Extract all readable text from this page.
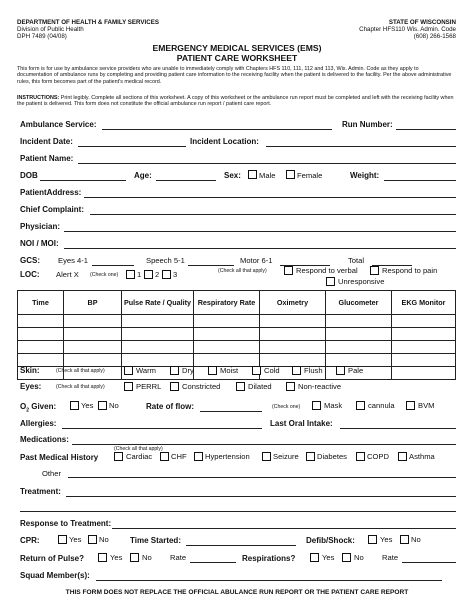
DEPARTMENT OF HEALTH & FAMILY SERVICES
Division of Public Health
DPH 7489 (04/08)
STATE OF WISCONSIN
Chapter HFS110 Wis. Admin. Code
(608) 266-1568
EMERGENCY MEDICAL SERVICES (EMS)
PATIENT CARE WORKSHEET
This form is for use by ambulance service providers who are unable to immediately comply with Chapters HFS 110, 111, 112 and 113, Wis. Admin. Code as they apply to documentation of ambulance runs by completing and providing patient care information to the receiving facility when the patient is delivered to the facility. Per the above administrative rules, this form becomes part of the patient's medical record.
INSTRUCTIONS: Print legibly. Complete all sections of this worksheet. A copy of this worksheet or the ambulance run report must be completed and left with the receiving facility when the patient is delivered. This form does not constitute the official ambulance run report / patient care report.
Ambulance Service:	Run Number:
Incident Date:	Incident Location:
Patient Name:
DOB	Age:	Sex: Male	Female	Weight:
PatientAddress:
Chief Complaint:
Physician:
NOI / MOI:
GCS: Eyes 4-1	Speech 5-1	Motor 6-1	Total
LOC: Alert X (Check one) 1 2 3	(Check all that apply)	Respond to verbal	Respond to pain
Unresponsive
Time	BP	Pulse Rate / Quality	Respiratory Rate	Oximetry	Glucometer	EKG Monitor

Skin:	(Check all that apply)	Warm	Dry	Moist	Cold	Flush	Pale
Eyes:	(Check all that apply)	PERRL	Constricted	Dilated	Non-reactive
$O_2$ Given:	Yes No	Rate of flow:	(Check one)	Mask	cannula	BVM
Allergies:	Last Oral Intake:
Medications:
(Check all that apply)
Past Medical History	Cardiac CHF Hypertension	Seizure Diabetes	COPD	Asthma
Other
Treatment:
Response to Treatment:
CPR:	Yes No	Time Started:	Defib/Shock:	Yes No
Return of Pulse?	Yes	No Rate	Respirations?	Yes	No Rate
Squad Member(s):
THIS FORM DOES NOT REPLACE THE OFFICIAL ABULANCE RUN REPORT OR THE PATIENT CARE REPORT
